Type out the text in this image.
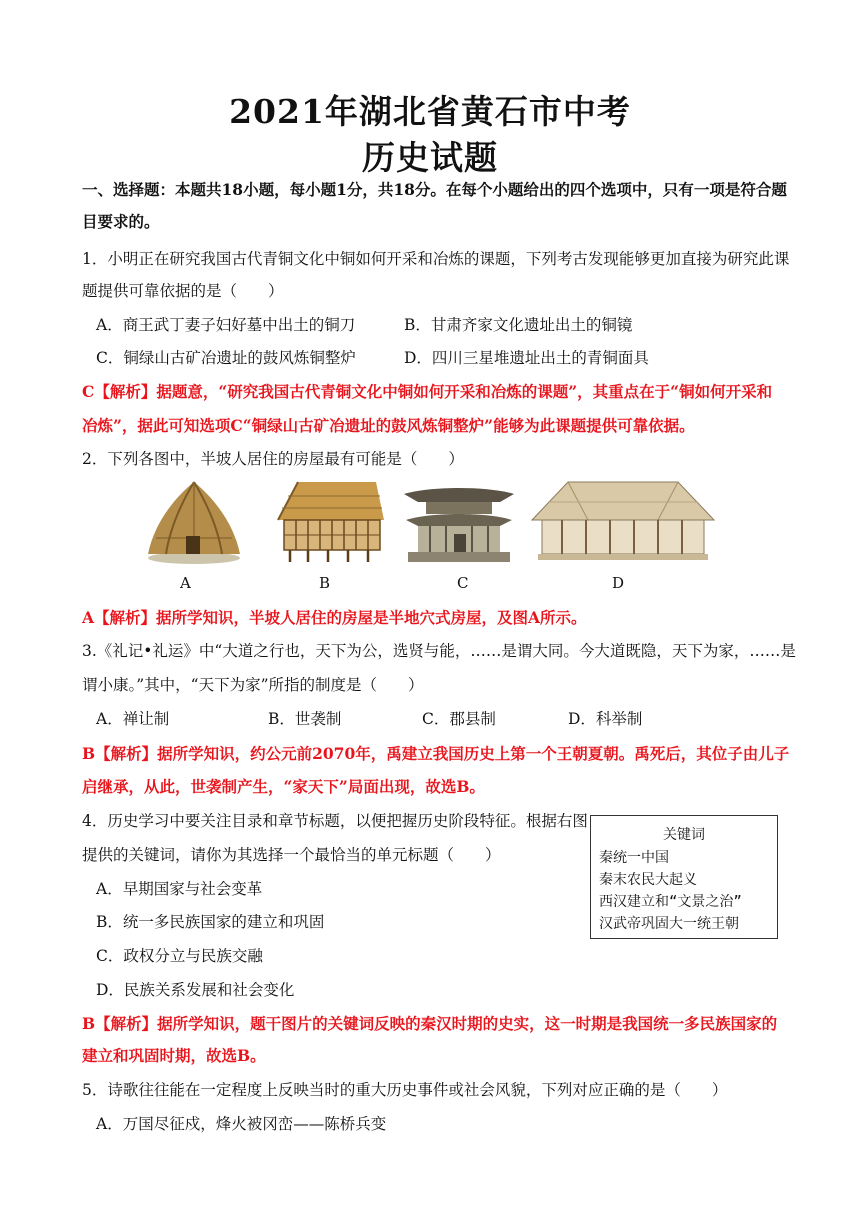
2021年湖北省黄石市中考
历史试题
一、选择题：本题共18小题，每小题1分，共18分。在每个小题给出的四个选项中，只有一项是符合题
目要求的。
1．小明正在研究我国古代青铜文化中铜如何开采和冶炼的课题，下列考古发现能够更加直接为研究此课
题提供可靠依据的是（　　）
A．商王武丁妻子妇好墓中出土的铜刀	B．甘肃齐家文化遗址出土的铜镜
C．铜绿山古矿冶遗址的鼓风炼铜整炉	D．四川三星堆遗址出土的青铜面具
C【解析】据题意，“研究我国古代青铜文化中铜如何开采和冶炼的课题”，其重点在于“铜如何开采和
冶炼”，据此可知选项C“铜绿山古矿冶遗址的鼓风炼铜整炉”能够为此课题提供可靠依据。
2．下列各图中，半坡人居住的房屋最有可能是（　　）
A	B	C	D
A【解析】据所学知识，半坡人居住的房屋是半地穴式房屋，及图A所示。
3.《礼记•礼运》中“大道之行也，天下为公，选贤与能，……是谓大同。今大道既隐，天下为家，……是
谓小康。”其中，“天下为家”所指的制度是（　　）
A．禅让制	B．世袭制	C．郡县制	D．科举制
B【解析】据所学知识，约公元前2070年，禹建立我国历史上第一个王朝夏朝。禹死后，其位子由儿子
启继承，从此，世袭制产生，“家天下”局面出现，故选B。
4．历史学习中要关注目录和章节标题，以便把握历史阶段特征。根据右图
提供的关键词，请你为其选择一个最恰当的单元标题（　　）
A．早期国家与社会变革
B．统一多民族国家的建立和巩固
C．政权分立与民族交融
D．民族关系发展和社会变化
关键词
秦统一中国
秦末农民大起义
西汉建立和“文景之治”
汉武帝巩固大一统王朝
B【解析】据所学知识，题干图片的关键词反映的秦汉时期的史实，这一时期是我国统一多民族国家的
建立和巩固时期，故选B。
5．诗歌往往能在一定程度上反映当时的重大历史事件或社会风貌，下列对应正确的是（　　）
A．万国尽征戍，烽火被冈峦——陈桥兵变
